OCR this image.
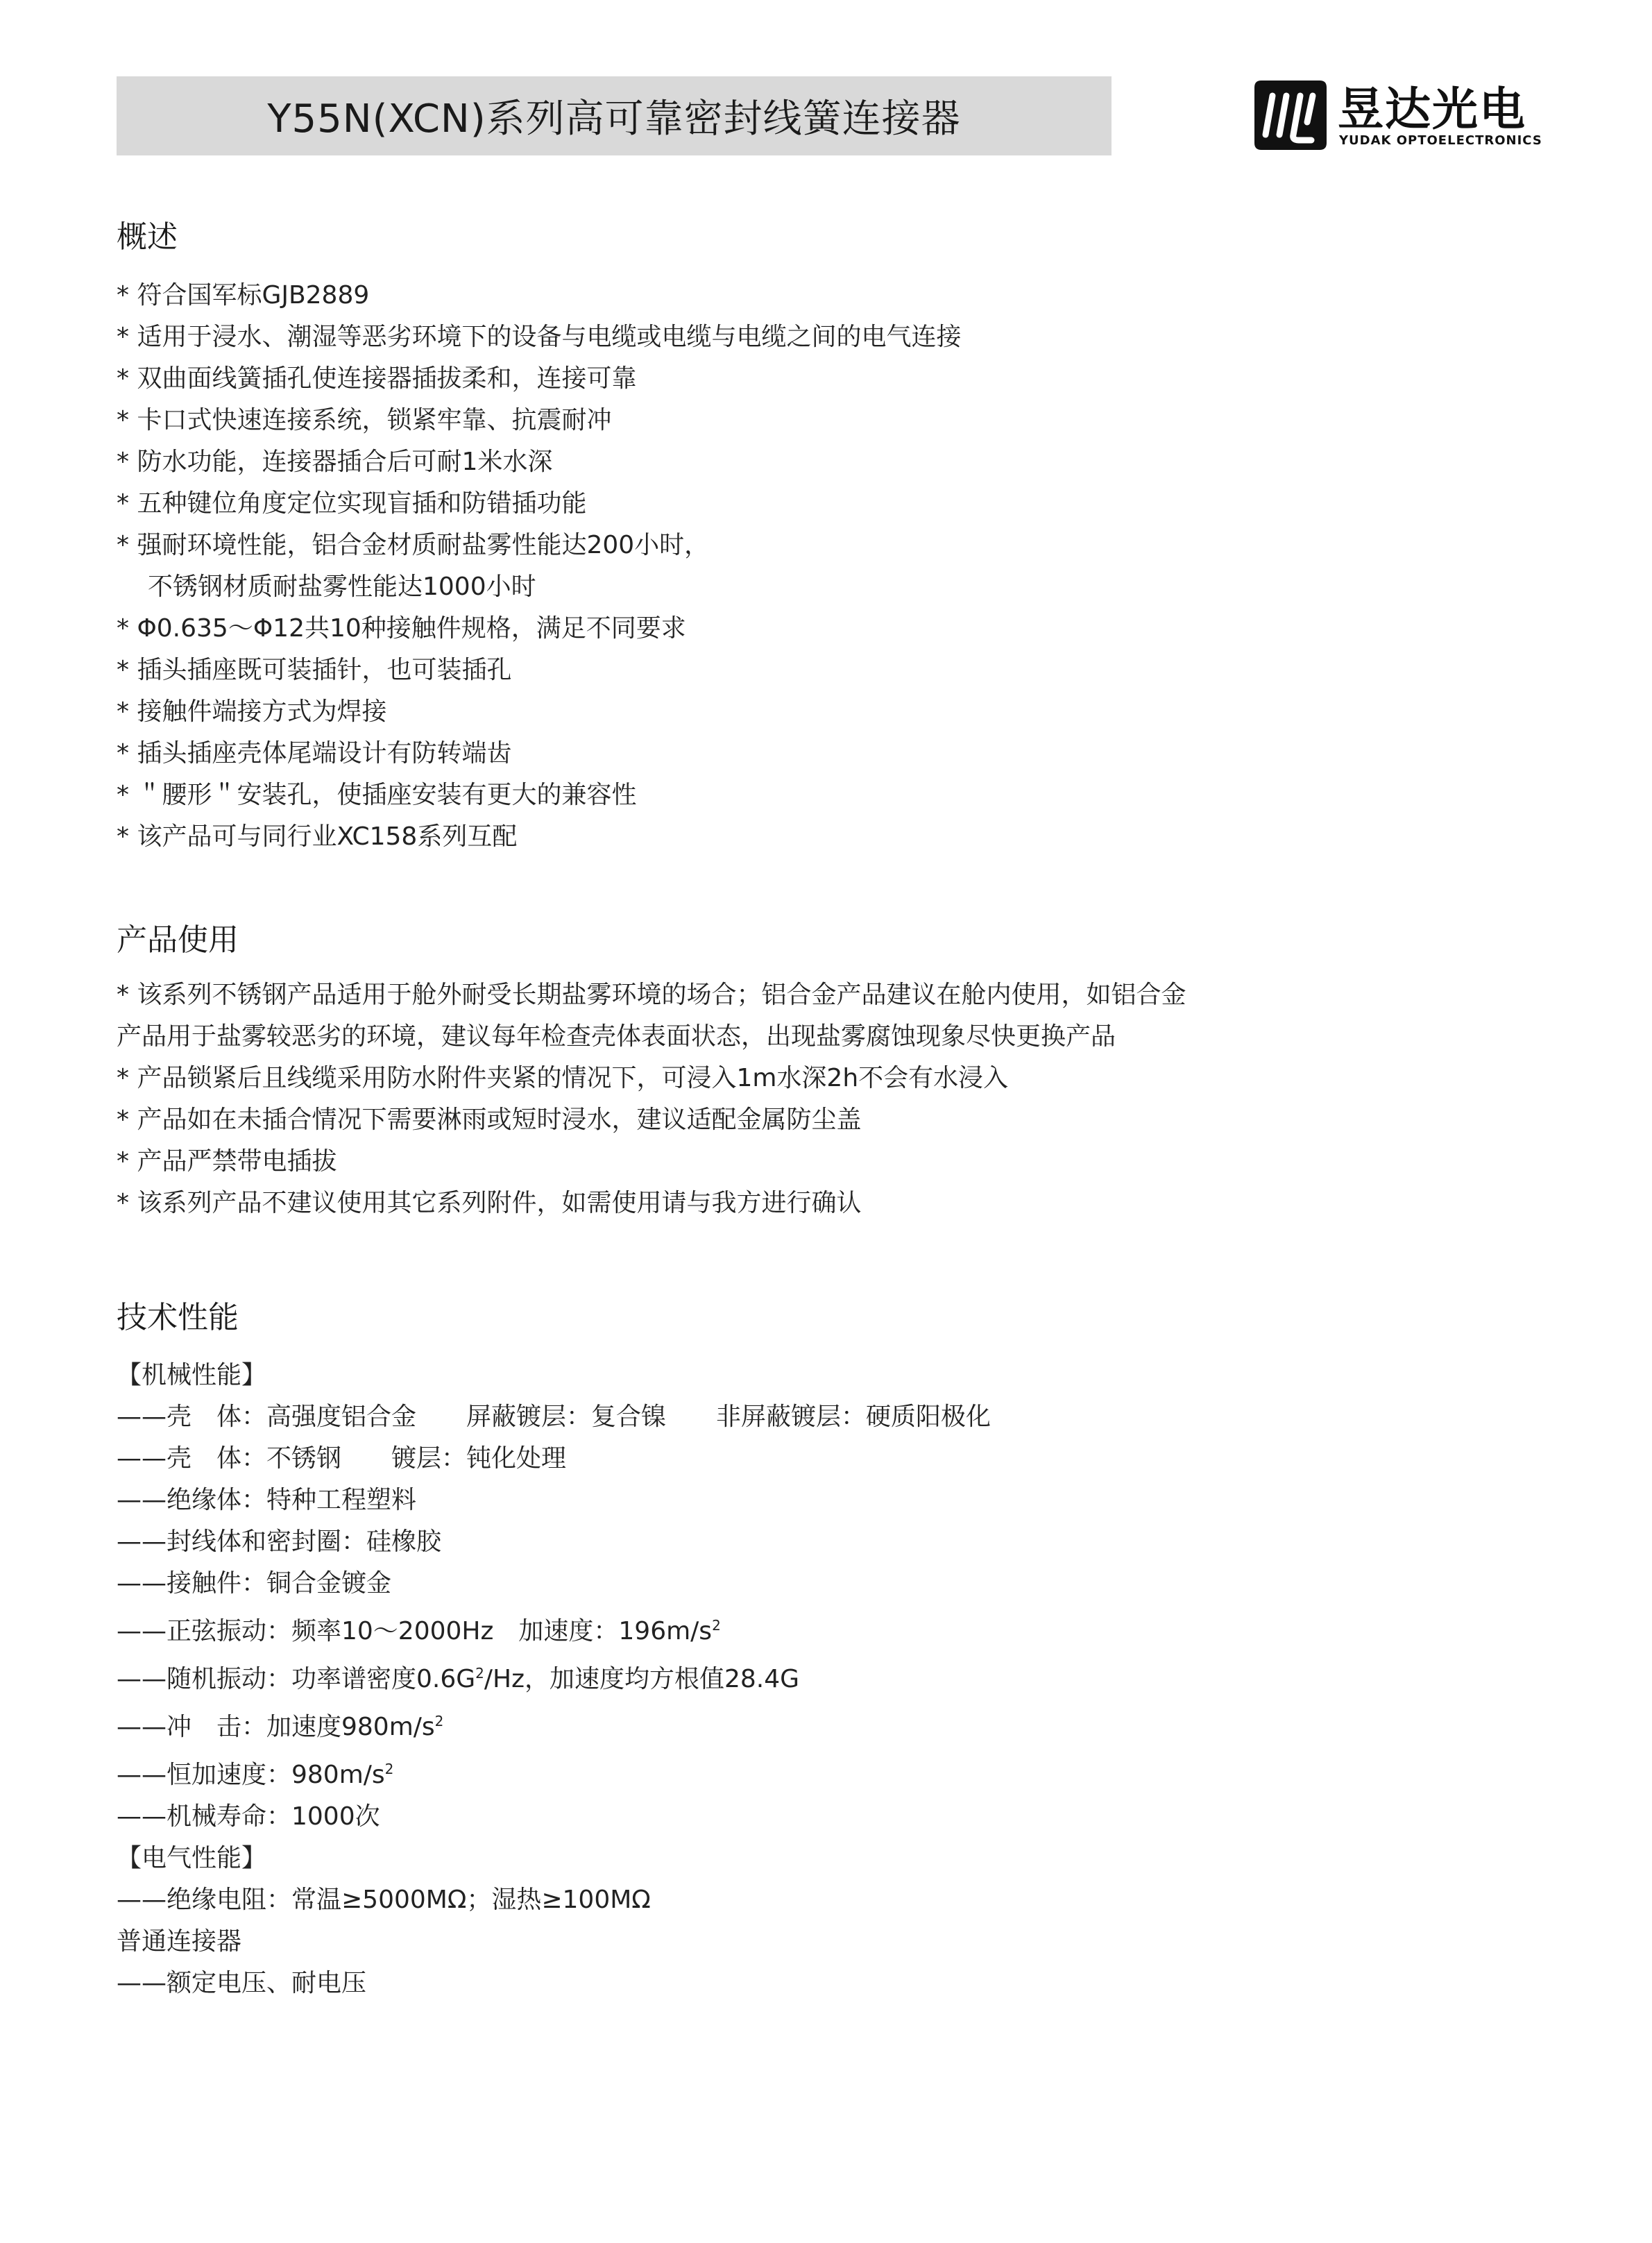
Y55N(XCN)系列高可靠密封线簧连接器	昱达光电
YUDAK OPTOELECTRONICS
概述
* 符合国军标GJB2889
* 适用于浸水、潮湿等恶劣环境下的设备与电缆或电缆与电缆之间的电气连接
* 双曲面线簧插孔使连接器插拔柔和，连接可靠
* 卡口式快速连接系统，锁紧牢靠、抗震耐冲
* 防水功能，连接器插合后可耐1米水深
* 五种键位角度定位实现盲插和防错插功能
* 强耐环境性能，铝合金材质耐盐雾性能达200小时，
不锈钢材质耐盐雾性能达1000小时
* Φ0.635～Φ12共10种接触件规格，满足不同要求
* 插头插座既可装插针，也可装插孔
* 接触件端接方式为焊接
* 插头插座壳体尾端设计有防转端齿
* ＂腰形＂安装孔，使插座安装有更大的兼容性
* 该产品可与同行业XC158系列互配
产品使用
* 该系列不锈钢产品适用于舱外耐受长期盐雾环境的场合；铝合金产品建议在舱内使用，如铝合金
产品用于盐雾较恶劣的环境，建议每年检查壳体表面状态，出现盐雾腐蚀现象尽快更换产品
* 产品锁紧后且线缆采用防水附件夹紧的情况下，可浸入1m水深2h不会有水浸入
* 产品如在未插合情况下需要淋雨或短时浸水，建议适配金属防尘盖
* 产品严禁带电插拔
* 该系列产品不建议使用其它系列附件，如需使用请与我方进行确认
技术性能
【机械性能】
——壳　体：高强度铝合金　　屏蔽镀层：复合镍　　非屏蔽镀层：硬质阳极化
——壳　体：不锈钢　　镀层：钝化处理
——绝缘体：特种工程塑料
——封线体和密封圈：硅橡胶
——接触件：铜合金镀金
——正弦振动：频率10～2000Hz　加速度：$196m/s^2$
——随机振动：功率谱密度$0.6G^2/Hz$，加速度均方根值28.4G
——冲　击：加速度$980m/s^2$
——恒加速度：$980m/s^2$
——机械寿命：1000次
【电气性能】
——绝缘电阻：常温≥5000MΩ；湿热≥100MΩ
普通连接器
——额定电压、耐电压
